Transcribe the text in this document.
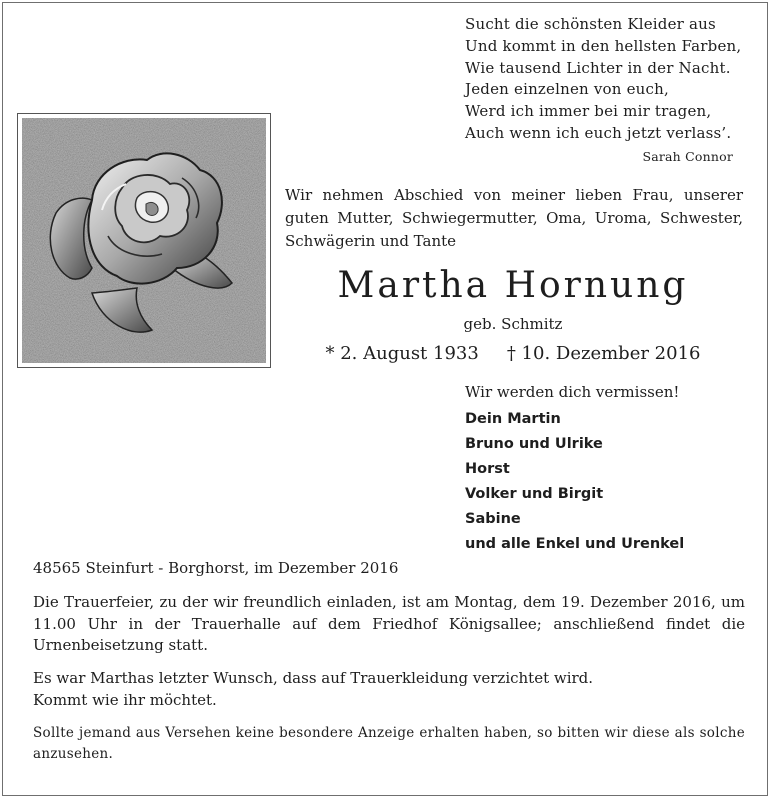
Sucht die schönsten Kleider aus
Und kommt in den hellsten Farben,
Wie tausend Lichter in der Nacht.
Jeden einzelnen von euch,
Werd ich immer bei mir tragen,
Auch wenn ich euch jetzt verlass’.
Sarah Connor
Wir nehmen Abschied von meiner lieben Frau, unserer guten Mutter, Schwiegermutter, Oma, Uroma, Schwester, Schwägerin und Tante
Martha Hornung
geb. Schmitz
* 2. August 1933 † 10. Dezember 2016
Wir werden dich vermissen!
Dein Martin
Bruno und Ulrike
Horst
Volker und Birgit
Sabine
und alle Enkel und Urenkel
48565 Steinfurt - Borghorst, im Dezember 2016
Die Trauerfeier, zu der wir freundlich einladen, ist am Montag, dem 19. Dezember 2016, um 11.00 Uhr in der Trauerhalle auf dem Friedhof Königsallee; anschließend findet die Urnenbeisetzung statt.
Es war Marthas letzter Wunsch, dass auf Trauerkleidung verzichtet wird.
Kommt wie ihr möchtet.
Sollte jemand aus Versehen keine besondere Anzeige erhalten haben, so bitten wir diese als solche anzusehen.
